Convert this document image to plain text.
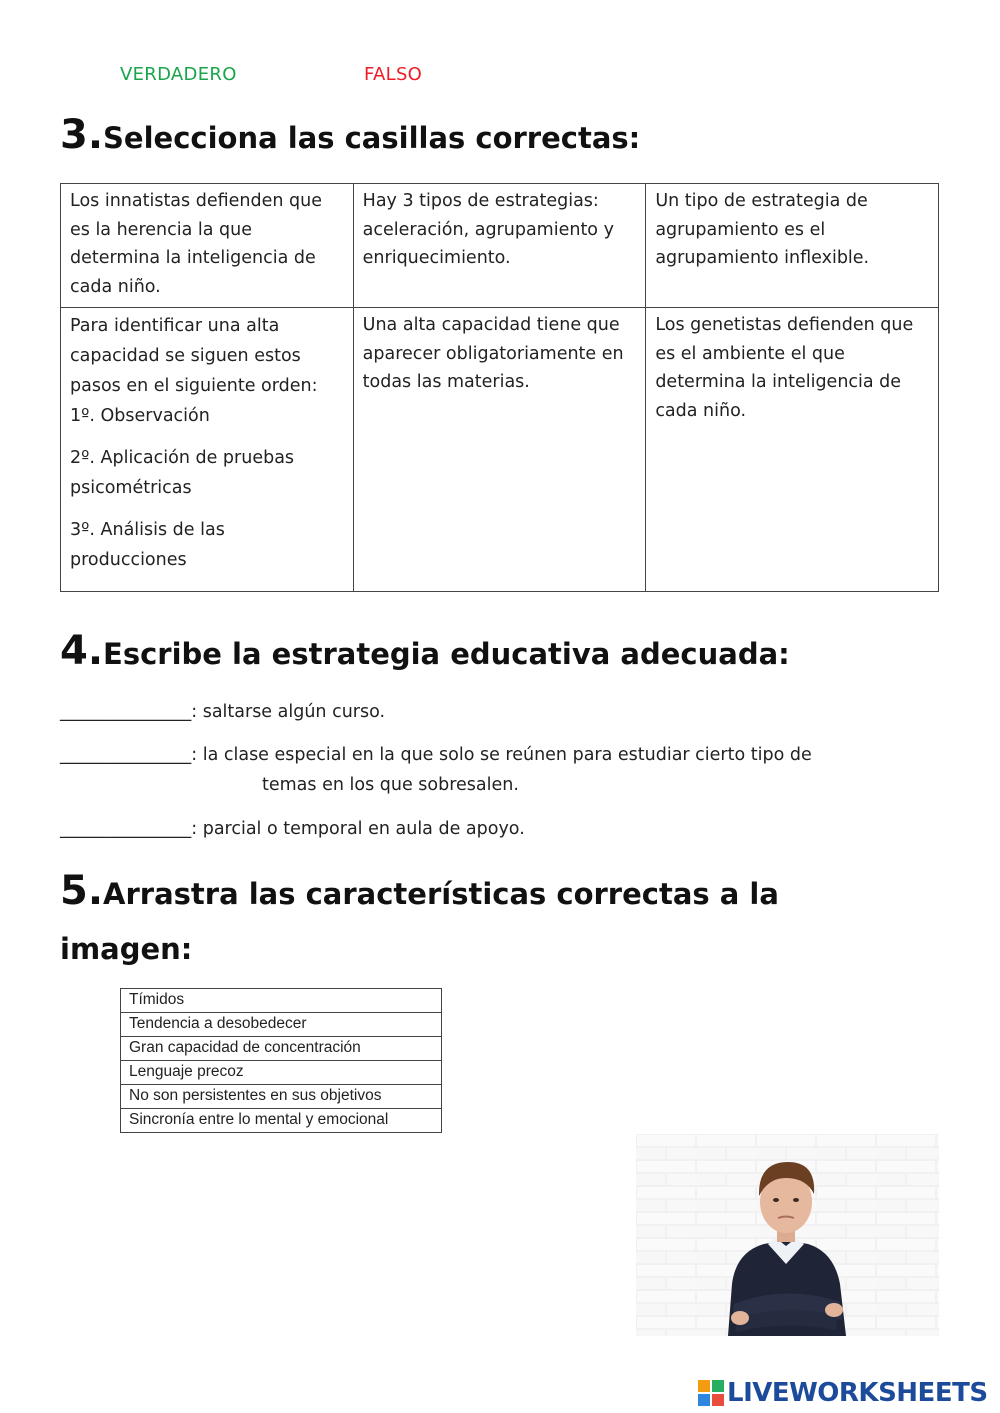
VERDADERO	FALSO
3.Selecciona las casillas correctas:
Los innatistas defienden que es la herencia la que determina la inteligencia de cada niño.	Hay 3 tipos de estrategias: aceleración, agrupamiento y enriquecimiento.	Un tipo de estrategia de agrupamiento es el agrupamiento inflexible.

Para identificar una alta capacidad se siguen estos pasos en el siguiente orden: 1º. Observación
2º. Aplicación de pruebas psicométricas
3º. Análisis de las producciones	Una alta capacidad tiene que aparecer obligatoriamente en todas las materias.	Los genetistas defienden que es el ambiente el que determina la inteligencia de cada niño.
4.Escribe la estrategia educativa adecuada:
_______________: saltarse algún curso.
_______________: la clase especial en la que solo se reúnen para estudiar cierto tipo de
temas en los que sobresalen.
_______________: parcial o temporal en aula de apoyo.
5.Arrastra las características correctas a la
imagen:
Tímidos
Tendencia a desobedecer
Gran capacidad de concentración
Lenguaje precoz
No son persistentes en sus objetivos
Sincronía entre lo mental y emocional
LIVEWORKSHEETS
